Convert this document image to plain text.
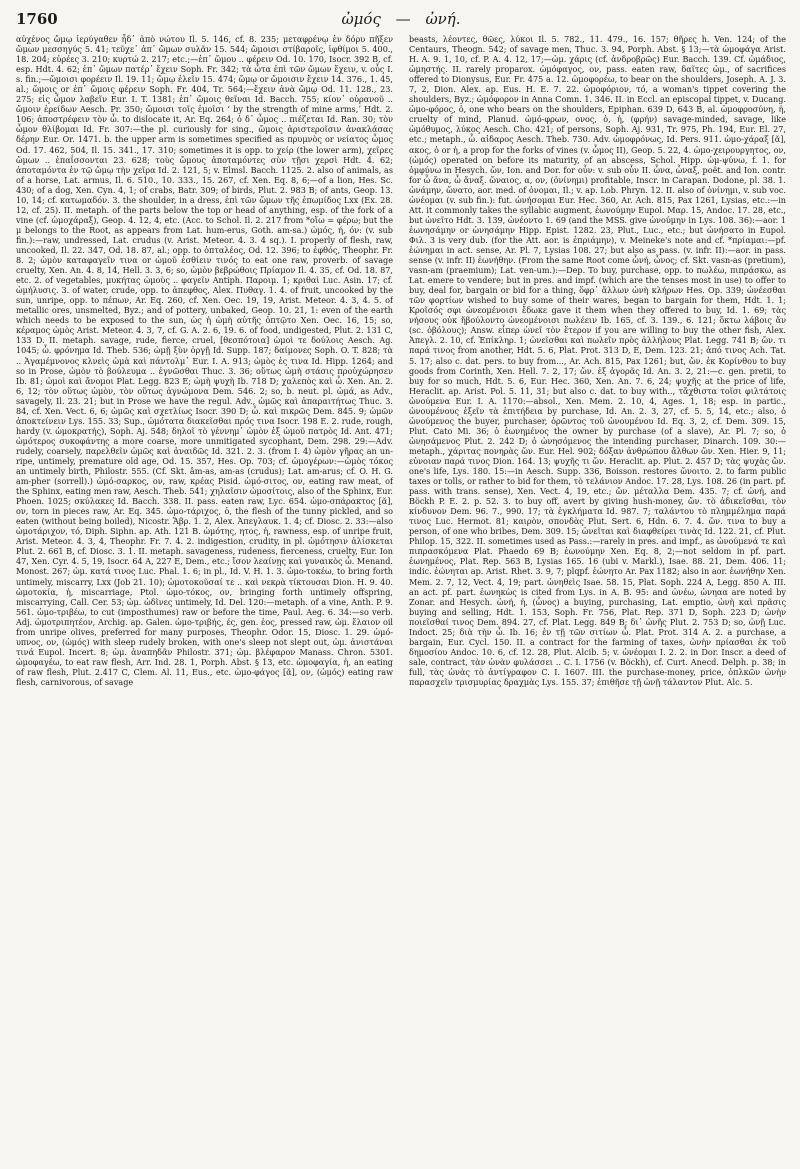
1760	ὠμός — ὠνή.

αὐχένος ὤμῳ ἱερύγαθεν ἦδ᾽ ἀπὸ νώτου Il. 5. 146, cf. 8. 235; μεταφρένῳ ἐν δόρυ πῆξεν ὤμων μεσσηγύς 5. 41; τεῦχε᾽ ἀπ᾽ ὤμων συλᾶν 15. 544; ὤμοισι στίβαροῖς, ἰφθίμοι 5. 400., 18. 204; εὐρέες 3. 210; κυρτώ 2. 217; etc.;—ἐπ᾽ ὤμου .. φέρειν Od. 10. 170, Isocr. 392 B, cf. esp. Hdt. 4. 62; ἐπ᾽ ὤμων πατέρ᾽ ἔχειν Soph. Fr. 342; τὰ ὦτα ἐπὶ τῶν ὤμων ἔχειν, v. οὖς I. s. fin.;—ὤμοισι φορέειν Il. 19. 11; ὤμῳ ἐλεῖν 15. 474; ὤμῳ or ὤμοισιν ἔχειν 14. 376., 1. 45, al.; ὤμοις or ἐπ᾽ ὤμοις φέρειν Soph. Fr. 404, Tr. 564;—ἔχειν ἀνὰ ὤμῳ Od. 11. 128., 23. 275; εἰς ὦμον λαβεῖν Eur. I. T. 1381; ἐπ᾽ ὤμοις θεῖναι Id. Bacch. 755; κίον᾽ οὐρανοῦ .. ὤμοιν ἐρείδων Aesch. Pr. 350; ὤμοισι τοῖς ἐμοῖσι ʻ by the strength of mine arms,ʼ Hdt. 2. 106; ἀποστρέφειν τὸν ὦ. to dislocate it, Ar. Eq. 264; ὁ δ᾽ ὦμος .. πιέζεται Id. Ran. 30; τὸν ὦμον θλίβομαι Id. Fr. 307:—the pl. curiously for sing., ὤμοις ἀριστεροῖσιν ἀνακλάσας δέρην Eur. Or. 1471. b. the upper arm is sometimes specified as πρυμνὸς or νείατος ὦμος Od. 17. 462, 504, Il. 15. 341., 17. 310; sometimes it is opp. to χείρ (the lower arm), χεῖρες ὤμων .. ἐπαΐσσονται 23. 628; τοὺς ὤμους ἀποταμόντες σὺν τῇσι χερσὶ Hdt. 4. 62; ἀποταμόντα ἐν τῷ ὤμῳ τὴν χεῖρα Id. 2. 121, 5; v. Elmsl. Bacch. 1125. 2. also of animals, as of a horse, Lat. armus, Il. 6. 510., 10. 333., 15. 267, cf. Xen. Eq. 8, 6;—of a lion, Hes. Sc. 430; of a dog, Xen. Cyn. 4, 1; of crabs, Batr. 309; of birds, Plut. 2. 983 B; of ants, Geop. 13. 10, 14; cf. κατωμαδόν. 3. the shoulder, in a dress, ἐπὶ τῶν ὤμων τῆς ἐπωμίδος Lxx (Ex. 28. 12, cf. 25). II. metaph. of the parts below the top or head of anything, esp. of the fork of a vine (cf. ὠμοχάραξ), Geop. 4. 12, 4, etc. (Acc. to Schol. Il. 2. 217 from *οἴω = φέρω; but the μ belongs to the Root, as appears from Lat. hum-erus, Goth. am-sa.) ὠμός, ή, όν: (v. sub fin.):—raw, undressed, Lat. crudus (v. Arist. Meteor. 4. 3. 4 sq.). I. properly of flesh, raw, uncooked, Il. 22. 347, Od. 18. 87, al.; opp. to ὀπταλέος, Od. 12. 396; to ἑφθός, Theophr. Fr. 8. 2; ὠμὸν καταφαγεῖν τινα or ὠμοῦ ἐσθίειν τινός to eat one raw, proverb. of savage cruelty, Xen. An. 4. 8, 14, Hell. 3. 3, 6; so, ὠμὸν βεβρώθοις Πρίαμον Il. 4. 35, cf. Od. 18. 87, etc. 2. of vegetables, μυκήτας ὠμοὺς .. φαγεῖν Antiph. Παροιμ. 1; κριθαὶ Luc. Asin. 17; cf. ὠμήλυσις. 3. of water, crude, opp. to ἀπεφθος, Alex. Πυθαγ. 1. 4. of fruit, uncooked by the sun, unripe, opp. to πέπων, Ar. Eq. 260, cf. Xen. Oec. 19, 19, Arist. Meteor. 4. 3, 4. 5. of metallic ores, unsmelted, Byz.; and of pottery, unbaked, Geop. 10. 21, 1: even of the earth which needs to be exposed to the sun, ὡς ἡ ὠμὴ αὐτῆς ὀπτῷτο Xen. Oec. 16, 15; so, κέραμος ὠμὸς Arist. Meteor. 4. 3, 7, cf. G. A. 2. 6, 19. 6. of food, undigested, Plut. 2. 131 C, 133 D. II. metaph. savage, rude, fierce, cruel, [θεσπότοια] ὠμοὶ τε δούλοις Aesch. Ag. 1045; ὦ. φρόνημα Id. Theb. 536; ὠμῇ ξὺν ὀργῇ Id. Supp. 187; δαίμονες Soph. O. T. 828; τὰ .. Ἀγαμέμνονος κλνεὶς ὠμὰ καὶ πάντολμ᾽ Eur. I. A. 913; ὠμὸς ἐς τινα Id. Hipp. 1264; and so in Prose, ὠμὸν τὸ βούλευμα .. ἐγνῶσθαι Thuc. 3. 36; οὕτως ὠμὴ στάσις προὐχώρησεν Ib. 81; ὠμοὶ καὶ ἄνομοι Plat. Legg. 823 E; ὠμὴ ψυχὴ Ib. 718 D; χαλεπὸς καὶ ὦ. Xen. An. 2. 6, 12; τὸν οὕτως ὠμὸν, τὸν οὕτως ἀγνώμονα Dem. 546. 2; so, b. neut. pl. ὠμά, as Adv., savagely, Il. 23. 21; but in Prose we have the regul. Adv., ὠμῶς καὶ ἀπαραιτήτως Thuc. 3. 84, cf. Xen. Vect. 6, 6; ὠμῶς καὶ σχετλίως Isocr. 390 D; ὦ. καὶ πικρῶς Dem. 845. 9; ὠμῶν ἀποκτείνειν Lys. 155. 33; Sup., ὠμότατα διακεῖσθαι πρός τινα Isocr. 198 E. 2. rude, rough, hardy (v. ὠμοκρατής), Soph. Aj. 548; δηλοῖ τὸ γέννημ᾽ ὠμὸν ἐξ ὠμοῦ πατρὸς Id. Ant. 471; ὠμότερος συκοφάντης a more coarse, more unmitigated sycophant, Dem. 298. 29:—Adv. rudely, coarsely, παρελθεῖν ὠμῶς καὶ ἀναιδῶς Id. 321. 2. 3. (from I. 4) ὠμὸν γῆρας an un-ripe, untimely, premature old age, Od. 15. 357, Hes. Op. 703; cf. ὠμογέρων:—ὠμὸς τόκος an untimely birth, Philostr. 555. (Cf. Skt. âm-as, am-as (crudus); Lat. am-arus; cf. O. H. G. am-pher (sorrell).) ὠμό-σαρκος, ον, raw, κρέας Pisid. ὠμό-σιτος, ον, eating raw meat, of the Sphinx, eating men raw, Aesch. Theb. 541; χηλαῖσιν ὠμοσίτοις, also of the Sphinx, Eur. Phoen. 1025; σκύλακες Id. Bacch. 338. II. pass. eaten raw, Lyc. 654. ὠμο-σπάρακτος [ᾰ], ον, torn in pieces raw, Ar. Eq. 345. ὠμο-τάριχος, ὁ, the flesh of the tunny pickled, and so eaten (without being boiled), Nicostr. Ἅβρ. 1. 2, Alex. Ἀπεγλαυκ. 1. 4; cf. Diosc. 2. 33:—also ὠμοτάριχον, τό, Diph. Siphn. ap. Ath. 121 B. ὠμότης, ητος, ἡ, rawness, esp. of unripe fruit, Arist. Meteor. 4. 3, 4, Theophr. Fr. 7. 4. 2. indigestion, crudity, in pl. ὠμότησιν ἁλίσκεται Plut. 2. 661 B, cf. Diosc. 3. 1. II. metaph. savageness, rudeness, fierceness, cruelty, Eur. Ion 47, Xen. Cyr. 4. 5, 19, Isocr. 64 A, 227 E, Dem., etc.; ἴσον λεαίνῃς καὶ γυναικὸς ὦ. Menand. Monost. 267; ὠμ. κατά τινος Luc. Phal. 1. 6; in pl., Id. V. H. 1. 3. ὠμο-τοκέω, to bring forth untimely, miscarry, Lxx (Job 21. 10); ὠμοτοκοῦσαί τε .. καὶ νεκρὰ τίκτουσαι Dion. H. 9. 40. ὠμοτοκία, ἡ, miscarriage, Ptol. ὠμο-τόκος, ον, bringing forth untimely offspring, miscarrying, Call. Cer. 53; ὠμ. ὠδῖνες untimely, Id. Del. 120:—metaph. of a vine, Anth. P. 9. 561. ὠμο-τριβέω, to cut (imposthumes) raw or before the time, Paul. Aeg. 6. 34:—so verb. Adj. ὠμοτριπητέον, Archig. ap. Galen. ὠμο-τριβής, ές, gen. ἑος, pressed raw, ὠμ. ἔλαιον oil from unripe olives, preferred for many purposes, Theophr. Odor. 15, Diosc. 1. 29. ὠμό-υπνος, ον, (ὠμός) with sleep rudely broken, with one's sleep not slept out, ὠμ. ἀνιστάναι τινά Eupol. Incert. 8; ὠμ. ἀναπηδᾶν Philostr. 371; ὠμ. βλέφαρον Manass. Chron. 5301. ὠμοφαγέω, to eat raw flesh, Arr. Ind. 28. 1, Porph. Abst. § 13, etc. ὠμοφαγία, ἡ, an eating of raw flesh, Plut. 2.417 C, Clem. Al. 11, Eus., etc. ὠμο-φάγος [ᾰ], ον, (ὠμός) eating raw flesh, carnivorous, of savage

beasts, λέοντες, θῶες, λύκοι Il. 5. 782., 11. 479., 16. 157; θῆρες h. Ven. 124; of the Centaurs, Theogn. 542; of savage men, Thuc. 3. 94, Porph. Abst. § 13;—τὰ ὠμοφάγα Arist. H. A. 9. 1, 10, cf. P. A. 4. 12, 17;—ὠμ. χάρις (cf. ἀνδροβρῶς) Eur. Bacch. 139. Cf. ὠμάδιος, ὠμηστής. II. rarely proparox. ὠμόφαγος, ον, pass. eaten raw, δαῖτες ὠμ., of sacrifices offered to Dionysus, Eur. Fr. 475 a. 12. ὠμοφορέω, to bear on the shoulders, Joseph. A. J. 3. 7, 2, Dion. Alex. ap. Eus. H. E. 7. 22. ὠμοφόριον, τό, a woman's tippet covering the shoulders, Byz.; ὠμόφορον in Anna Comn. 1. 346. II. in Eccl. an episcopal tippet, v. Ducang. ὠμο-φόρος, ὁ, one who bears on the shoulders, Epiphan. 639 D, 643 B, al. ὠμοφροσύνη, ἡ, cruelty of mind, Planud. ὠμό-φρων, ονος, ὁ, ἡ, (φρήν) savage-minded, savage, like ὠμόθυμος, λύκος Aesch. Cho. 421; of persons, Soph. Aj. 931, Tr. 975, Ph. 194, Eur. El. 27, etc.; metaph., ὦ. αἰδαρος Aesch. Theb. 730. Adv. ὠμοφρόνως, Id. Pers. 911. ὠμο-χάραξ [ᾰ], ακος, ὁ or ἡ, a prop for the forks of vines (v. ὦμος II), Geop. 5. 22, 4. ὠμο-χειρουργητος, ον, (ὠμός) operated on before its maturity, of an abscess, Schol. Hipp. ὠμ-ψύνω, f. 1. for ὀμφύνω in Hesych. ὤν, Ion. and Dor. for οὖν: v. sub οὖν II. ὦνα, ὦναξ, poët. and Ion. contr. for ὦ ἄνα, ὦ ἄναξ. ὤναιος, α, ον, (ὀνίνημι) profitable, Inscr. in Carapan. Dodone, pl. 38. 1. ὠνάμην, ὤνατο, aor. med. of ὀνομαι, Il.; v. ap. Lob. Phryn. 12. II. also of ὀνίνημι, v. sub voc. ὠνέομαι (v. sub fin.): fut. ὠνήσομαι Eur. Hec. 360, Ar. Ach. 815, Pax 1261, Lysias, etc.:—in Att. it commonly takes the syllabic augment, ἐωνούμην Eupol. Μαρ. 15, Andoc. 17. 28, etc., but ὠνεῖτο Hdt. 3. 139, ὠνέοντο 1. 69 (and the MSS. give ὠνούμην in Lys. 108. 36):—aor. 1 ἐωνησάμην or ὠνησάμην Hipp. Epist. 1282. 23, Plut., Luc., etc.; but ὠνήσατο in Eupol. Φιλ. 3 is very dub. (for the Att. aor. is ἐπριάμην), v. Meineke's note and cf. *πρίαμαι:—pf. ἐώνημαι in act. sense, Ar. Pl. 7, Lysias 108. 27; but also as pass. (v. infr. II):—aor. in pass. sense (v. infr. II) ἐωνήθην. (From the same Root come ὦνή, ὦνος; cf. Skt. vasn-as (pretium), vasn-am (praemium); Lat. ven-um.):—Dep. To buy, purchase, opp. to πωλέω, πιπράσκω, as Lat. emere to vendere; but in pres. and impf. (which are the tenses most in use) to offer to buy, deal for, bargain or bid for a thing, ὅφρ᾽ ἄλλων ὠνὴ κλήρων Hes. Op. 339; ὠνέεσθαι τῶν φορτίων wished to buy some of their wares, began to bargain for them, Hdt. 1. 1; Κροῖσός σφι ὠνεομένοισι ἔδωκε gave it them when they offered to buy, Id. 1. 69; τὰς νήσους οὐκ ἤβούλοντο ὠνεομένοισι πωλέειν Ib. 165, cf. 3. 139., 6. 121; ὅκτω λάβοις ἄν (sc. ὀβόλους); Answ. εἶπερ ὠνεῖ τὸν ἕτερον if you are willing to buy the other fish, Alex. Ἀπεγλ. 2. 10, cf. Ἐπίκληρ. 1; ὠνεῖσθαι καὶ πωλεῖν πρὸς ἀλλήλους Plat. Legg. 741 B; ὤν. τι παρά τινος from another, Hdt. 5. 6, Plat. Prot. 313 D, E, Dem. 123. 21; ἀπό τινος Ach. Tat. 5. 17; also c. dat. pers. to buy from..., Ar. Ach. 815, Pax 1261; but, ὤν. ἐκ Κορίνθου to buy goods from Corinth, Xen. Hell. 7. 2, 17; ὤν. ἐξ ἀγορᾶς Id. An. 3. 2, 21:—c. gen. pretii, to buy for so much, Hdt. 5. 6, Eur. Hec. 360, Xen. An. 7. 6, 24; ψυχῆς at the price of life, Heraclit. ap. Arist. Pol. 5. 11, 31; but also c. dat. to buy with.., τἄχθιστα τοῖσι φιλτάτοις ὠνούμενα Eur. I. A. 1170:—absol., Xen. Mem. 2. 10, 4, Ages. 1, 18; esp. in partic., ὠνουμένους ἐξεῖν τὰ ἐπιτήδεια by purchase, Id. An. 2. 3, 27, cf. 5. 5, 14, etc.; also, ὁ ὠνούμενος the buyer, purchaser, ὁρῶντος τοῦ ὠνουμένου Id. Eq. 3, 2, cf. Dem. 309. 15, Plut. Cato Mi. 36; ὁ ἐωνημένος the owner by purchase (of a slave), Ar. Pl. 7; so, ὁ ὠνησάμενος Plut. 2. 242 D; ὁ ὠνησόμενος the intending purchaser, Dinarch. 109. 30:—metaph., χάριτας πονηρὰς ὤν. Eur. Hel. 902; δόξαν ἀνθρώπου ἄλθων ὤν. Xen. Hier. 9, 11; εὐνοιαν παρά τινος Dion. 164. 13; ψυχῆς τι ὤν. Heraclit. ap. Plut. 2. 457 D; τὰς ψυχὰς ὤν. one's life, Lys. 180. 15:—in Aesch. Supp. 336, Boisson. restores ὤνοιτο. 2. to farm public taxes or tolls, or rather to bid for them, τὸ τελάνιον Andoc. 17. 28, Lys. 108. 26 (in part. pf. pass. with trans. sense), Xen. Vect. 4, 19, etc.; ὤν. μέταλλα Dem. 435. 7; cf. ὠνή, and Böckh P. E. 2. p. 52. 3. to buy off, avert by giving hush-money, ὤν. τὸ ἀδικεῖσθαι, τὸν κίνδυνον Dem. 96. 7., 990. 17; τὰ ἐγκλήματα Id. 987. 7; ταλάντου τὸ πλημμέλημα παρά τινος Luc. Hermot. 81; καιρὸν, σπονδὰς Plut. Sert. 6, Hdn. 6. 7. 4. ὤν. τινα to buy a person, of one who bribes, Dem. 309. 15; ὠνεῖται καὶ διαφθείρει τινὰς Id. 122. 21, cf. Plut. Philop. 15, 322. II. sometimes used as Pass.:—rarely in pres. and impf., as ὠνούμενά τε καὶ πιπρασκόμενα Plat. Phaedo 69 B; ἐωνούμην Xen. Eq. 8, 2;—not seldom in pf. part. ἐωνημένος, Plat. Rep. 563 B, Lysias 165. 16 (ubi v. Markl.), Isae. 88. 21, Dem. 406. 11; indic. ἐώνηται ap. Arist. Rhet. 3. 9, 7; plqpf. ἐώνητο Ar. Pax 1182; also in aor. ἐωνήθην Xen. Mem. 2. 7, 12, Vect. 4, 19; part. ὠνηθεὶς Isae. 58. 15, Plat. Soph. 224 A, Legg. 850 A. III. an act. pf. part. ἐωνηκὼς is cited from Lys. in A. B. 95: and ὠνέω, ὠνηαα are noted by Zonar. and Hesych. ὠνή, ἡ, (ὦνος) a buying, purchasing, Lat. emptio, ὠνὴ καὶ πρᾶσις buying and selling, Hdt. 1. 153, Soph. Fr. 756, Plat. Rep. 371 D, Soph. 223 D; ὠνὴν ποιεῖσθαί τινος Dem. 894. 27, cf. Plat. Legg. 849 B; δι᾽ ὠνῆς Plut. 2. 753 D; so, ὠνῇ Luc. Indoct. 25; διὰ τὴν ὦ. Ib. 16; ἐν τῇ τῶν σιτίων ὦ. Plat. Prot. 314 A. 2. a purchase, a bargain, Eur. Cycl. 150. II. a contract for the farming of taxes, ὠνὴν πρίασθαι ἐκ τοῦ δημοσίου Andoc. 10. 6, cf. 12. 28, Plut. Alcib. 5; v. ὠνέομαι I. 2. 2. in Dor. Inscr. a deed of sale, contract, τὰν ὠνὰν φυλάσσει .. C. I. 1756 (v. Böckh), cf. Curt. Anecd. Delph. p. 38; in full, τὰς ὠνὰς τὸ ἀντίγραφον C. I. 1607. III. the purchase-money, price, ὀπλκῶν ὠνὴν παρασχεῖν τρισμυρίας δραχμὰς Lys. 155. 37; ἐπιθῆσε τῇ ὠνῇ τάλαντον Plut. Alc. 5.
